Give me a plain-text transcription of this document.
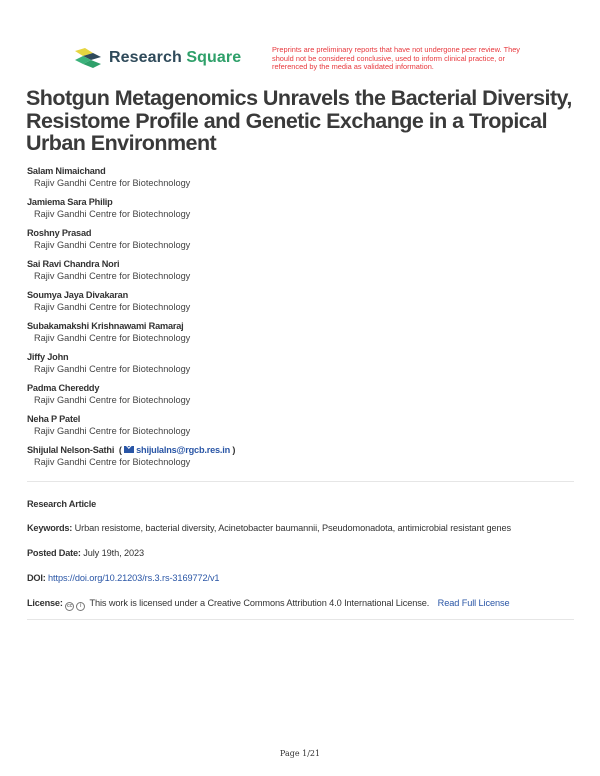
Research Square	Preprints are preliminary reports that have not undergone peer review. They should not be considered conclusive, used to inform clinical practice, or referenced by the media as validated information.
Shotgun Metagenomics Unravels the Bacterial Diversity, Resistome Profile and Genetic Exchange in a Tropical Urban Environment
Salam Nimaichand
Rajiv Gandhi Centre for Biotechnology
Jamiema Sara Philip
Rajiv Gandhi Centre for Biotechnology
Roshny Prasad
Rajiv Gandhi Centre for Biotechnology
Sai Ravi Chandra Nori
Rajiv Gandhi Centre for Biotechnology
Soumya Jaya Divakaran
Rajiv Gandhi Centre for Biotechnology
Subakamakshi Krishnawami Ramaraj
Rajiv Gandhi Centre for Biotechnology
Jiffy John
Rajiv Gandhi Centre for Biotechnology
Padma Chereddy
Rajiv Gandhi Centre for Biotechnology
Neha P Patel
Rajiv Gandhi Centre for Biotechnology
Shijulal Nelson-Sathi ( shijulalns@rgcb.res.in )
Rajiv Gandhi Centre for Biotechnology
Research Article
Keywords: Urban resistome, bacterial diversity, Acinetobacter baumannii, Pseudomonadota, antimicrobial resistant genes
Posted Date: July 19th, 2023
DOI: https://doi.org/10.21203/rs.3.rs-3169772/v1
License: cc i This work is licensed under a Creative Commons Attribution 4.0 International License. Read Full License
Page 1/21
